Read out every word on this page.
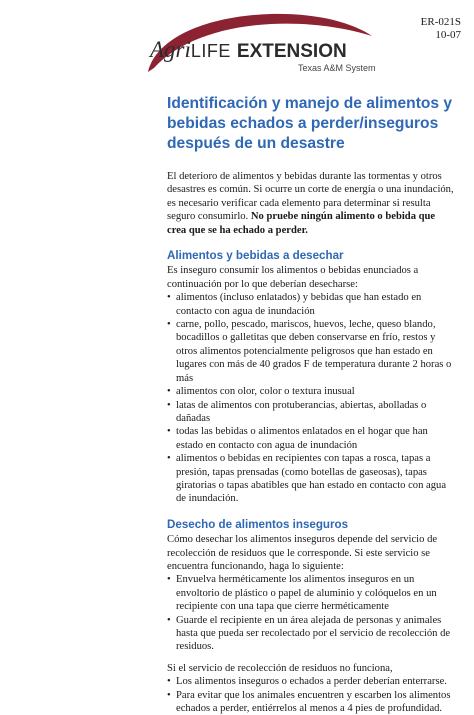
AgriLIFE EXTENSION
Texas A&M System
ER-021S
10-07
Identificación y manejo de alimentos y bebidas echados a perder/inseguros después de un desastre

El deterioro de alimentos y bebidas durante las tormentas y otros desastres es común. Si ocurre un corte de energía o una inundación, es necesario verificar cada elemento para determinar si resulta seguro consumirlo. No pruebe ningún alimento o bebida que crea que se ha echado a perder.

Alimentos y bebidas a desechar

Es inseguro consumir los alimentos o bebidas enunciados a continuación por lo que deberían desecharse:

• alimentos (incluso enlatados) y bebidas que han estado en contacto con agua de inundación
• carne, pollo, pescado, mariscos, huevos, leche, queso blando, bocadillos o galletitas que deben conservarse en frío, restos y otros alimentos potencialmente peligrosos que han estado en lugares con más de 40 grados F de temperatura durante 2 horas o más
• alimentos con olor, color o textura inusual
• latas de alimentos con protuberancias, abiertas, abolladas o dañadas
• todas las bebidas o alimentos enlatados en el hogar que han estado en contacto con agua de inundación
• alimentos o bebidas en recipientes con tapas a rosca, tapas a presión, tapas prensadas (como botellas de gaseosas), tapas giratorias o tapas abatibles que han estado en contacto con agua de inundación.
Desecho de alimentos inseguros

Cómo desechar los alimentos inseguros depende del servicio de recolección de residuos que le corresponde. Si este servicio se encuentra funcionando, haga lo siguiente:

• Envuelva herméticamente los alimentos inseguros en un envoltorio de plástico o papel de aluminio y colóquelos en un recipiente con una tapa que cierre herméticamente
• Guarde el recipiente en un área alejada de personas y animales hasta que pueda ser recolectado por el servicio de recolección de residuos.

Si el servicio de recolección de residuos no funciona,

• Los alimentos inseguros o echados a perder deberían enterrarse.
• Para evitar que los animales encuentren y escarben los alimentos echados a perder, entiérrelos al menos a 4 pies de profundidad.
